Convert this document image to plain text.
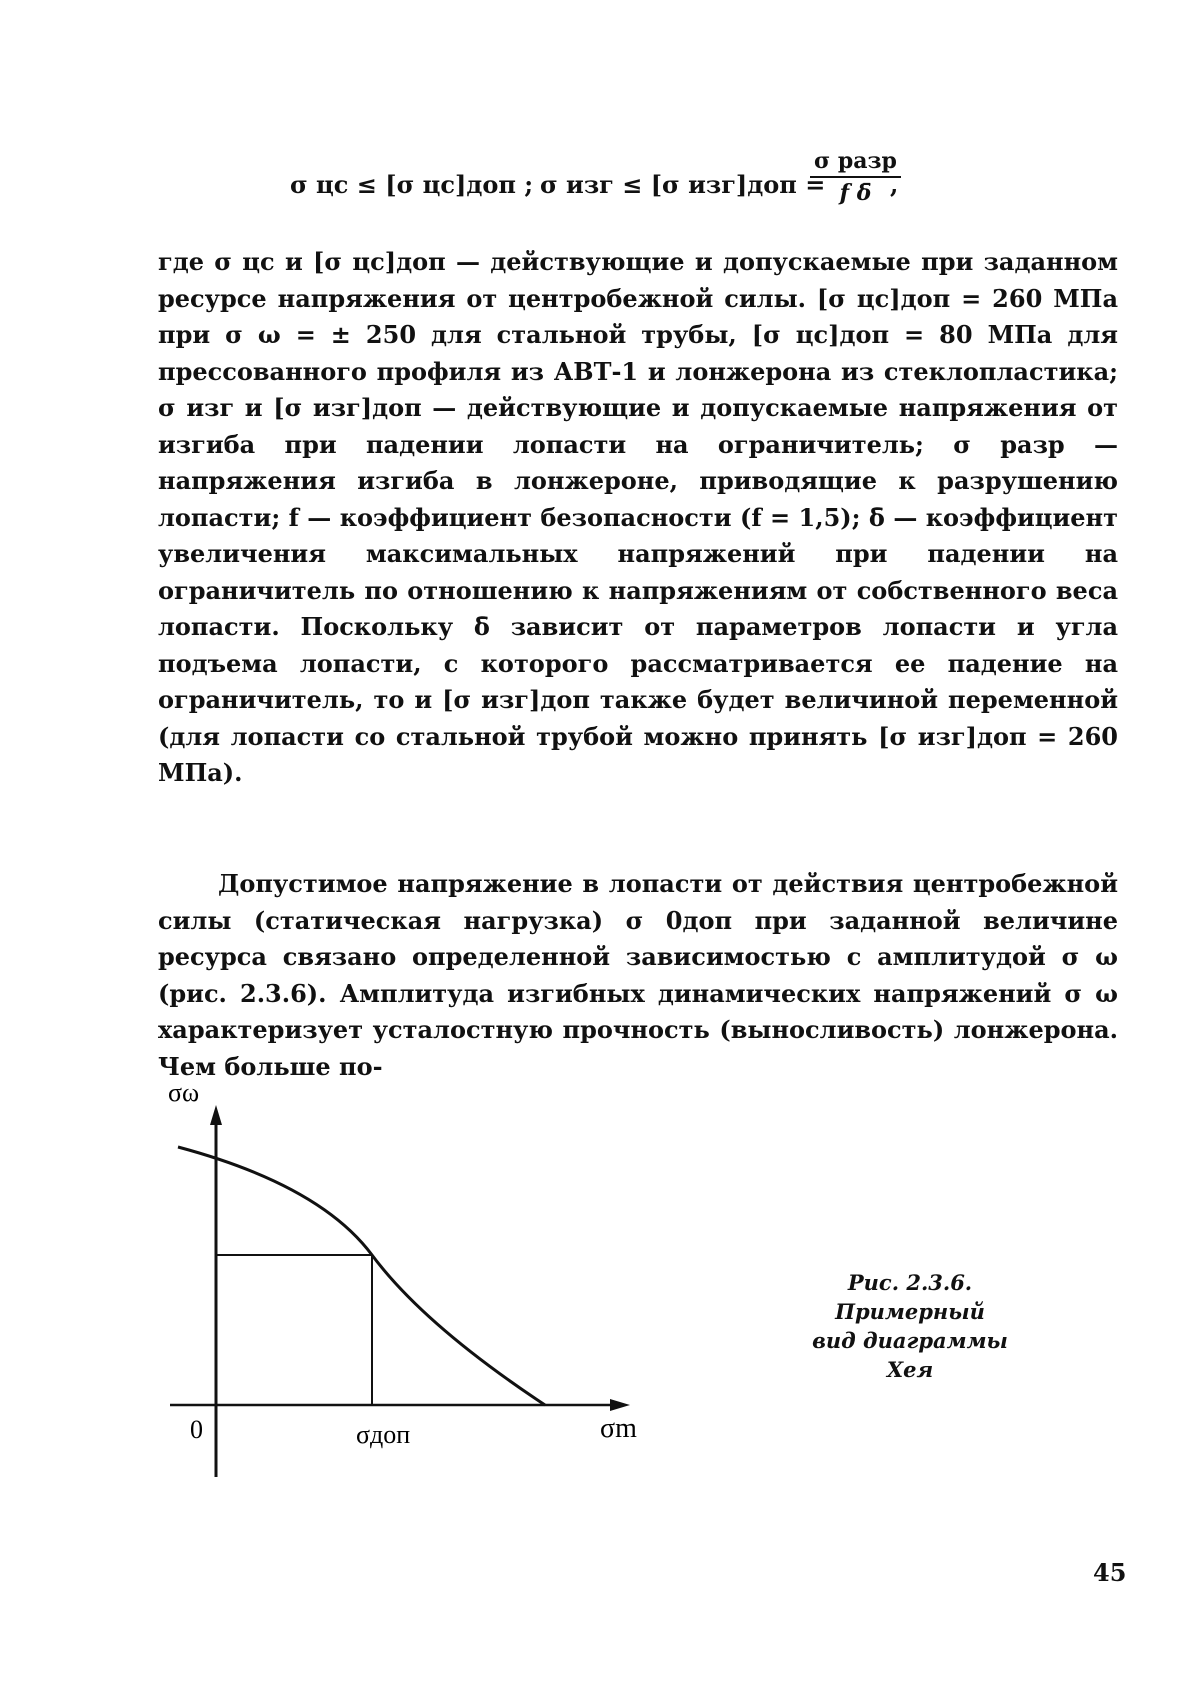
σ цс ≤ [σ цс]доп ; σ изг ≤ [σ изг]доп =
σ разр
f δ̄ ,

где σ цс и [σ цс]доп — действующие и допускаемые при заданном ресурсе напряжения от центробежной силы. [σ цс]доп = 260 МПа при σ ω = ± 250 для стальной трубы, [σ цс]доп = 80 МПа для прессованного профиля из АВТ-1 и лонжерона из стеклопластика; σ изг и [σ изг]доп — действующие и допускаемые напряжения от изгиба при падении лопасти на ограничитель; σ разр — напряжения изгиба в лонжероне, приводящие к разрушению лопасти; f — коэффициент безопасности (f = 1,5); δ̄ — коэффициент увеличения максимальных напряжений при падении на ограничитель по отношению к напряжениям от собственного веса лопасти. Поскольку δ̄ зависит от параметров лопасти и угла подъема лопасти, с которого рассматривается ее падение на ограничитель, то и [σ изг]доп также будет величиной переменной (для лопасти со стальной трубой можно принять [σ изг]доп = 260 МПа).

Допустимое напряжение в лопасти от действия центробежной силы (статическая нагрузка) σ 0доп при заданной величине ресурса связано определенной зависимостью с амплитудой σ ω (рис. 2.3.6). Амплитуда изгибных динамических напряжений σ ω характеризует усталостную прочность (выносливость) лонжерона. Чем больше по-

σω
0	σдоп	σm
Рис. 2.3.6.
Примерный
вид диаграммы Хея
45
